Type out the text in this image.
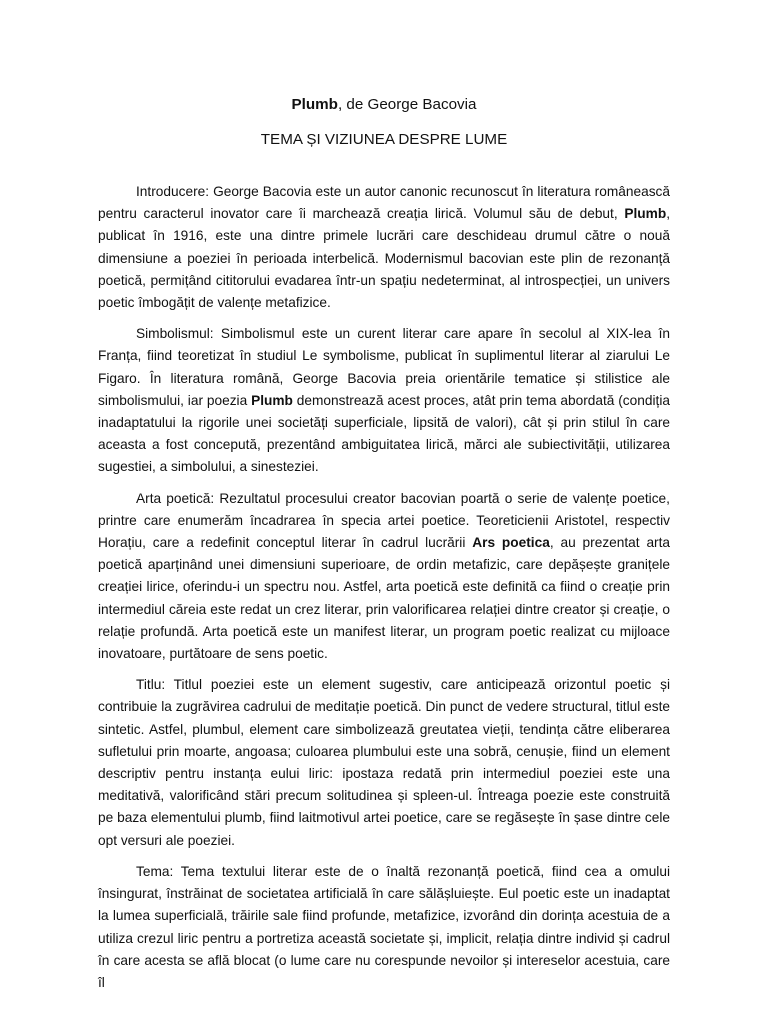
Plumb, de George Bacovia

TEMA ȘI VIZIUNEA DESPRE LUME

Introducere: George Bacovia este un autor canonic recunoscut în literatura românească pentru caracterul inovator care îi marchează creația lirică. Volumul său de debut, Plumb, publicat în 1916, este una dintre primele lucrări care deschideau drumul către o nouă dimensiune a poeziei în perioada interbelică. Modernismul bacovian este plin de rezonanță poetică, permițând cititorului evadarea într-un spațiu nedeterminat, al introspecției, un univers poetic îmbogățit de valențe metafizice.

Simbolismul: Simbolismul este un curent literar care apare în secolul al XIX-lea în Franța, fiind teoretizat în studiul Le symbolisme, publicat în suplimentul literar al ziarului Le Figaro. În literatura română, George Bacovia preia orientările tematice și stilistice ale simbolismului, iar poezia Plumb demonstrează acest proces, atât prin tema abordată (condiția inadaptatului la rigorile unei societăți superficiale, lipsită de valori), cât și prin stilul în care aceasta a fost concepută, prezentând ambiguitatea lirică, mărci ale subiectivității, utilizarea sugestiei, a simbolului, a sinesteziei.

Arta poetică: Rezultatul procesului creator bacovian poartă o serie de valențe poetice, printre care enumerăm încadrarea în specia artei poetice. Teoreticienii Aristotel, respectiv Horațiu, care a redefinit conceptul literar în cadrul lucrării Ars poetica, au prezentat arta poetică aparținând unei dimensiuni superioare, de ordin metafizic, care depășește granițele creației lirice, oferindu-i un spectru nou. Astfel, arta poetică este definită ca fiind o creație prin intermediul căreia este redat un crez literar, prin valorificarea relației dintre creator și creație, o relație profundă. Arta poetică este un manifest literar, un program poetic realizat cu mijloace inovatoare, purtătoare de sens poetic.

Titlu: Titlul poeziei este un element sugestiv, care anticipează orizontul poetic și contribuie la zugrăvirea cadrului de meditație poetică. Din punct de vedere structural, titlul este sintetic. Astfel, plumbul, element care simbolizează greutatea vieții, tendința către eliberarea sufletului prin moarte, angoasa; culoarea plumbului este una sobră, cenușie, fiind un element descriptiv pentru instanța eului liric: ipostaza redată prin intermediul poeziei este una meditativă, valorificând stări precum solitudinea și spleen-ul. Întreaga poezie este construită pe baza elementului plumb, fiind laitmotivul artei poetice, care se regăsește în șase dintre cele opt versuri ale poeziei.

Tema: Tema textului literar este de o înaltă rezonanță poetică, fiind cea a omului însingurat, înstrăinat de societatea artificială în care sălășluiește. Eul poetic este un inadaptat la lumea superficială, trăirile sale fiind profunde, metafizice, izvorând din dorința acestuia de a utiliza crezul liric pentru a portretiza această societate și, implicit, relația dintre individ și cadrul în care acesta se află blocat (o lume care nu corespunde nevoilor și intereselor acestuia, care îl
